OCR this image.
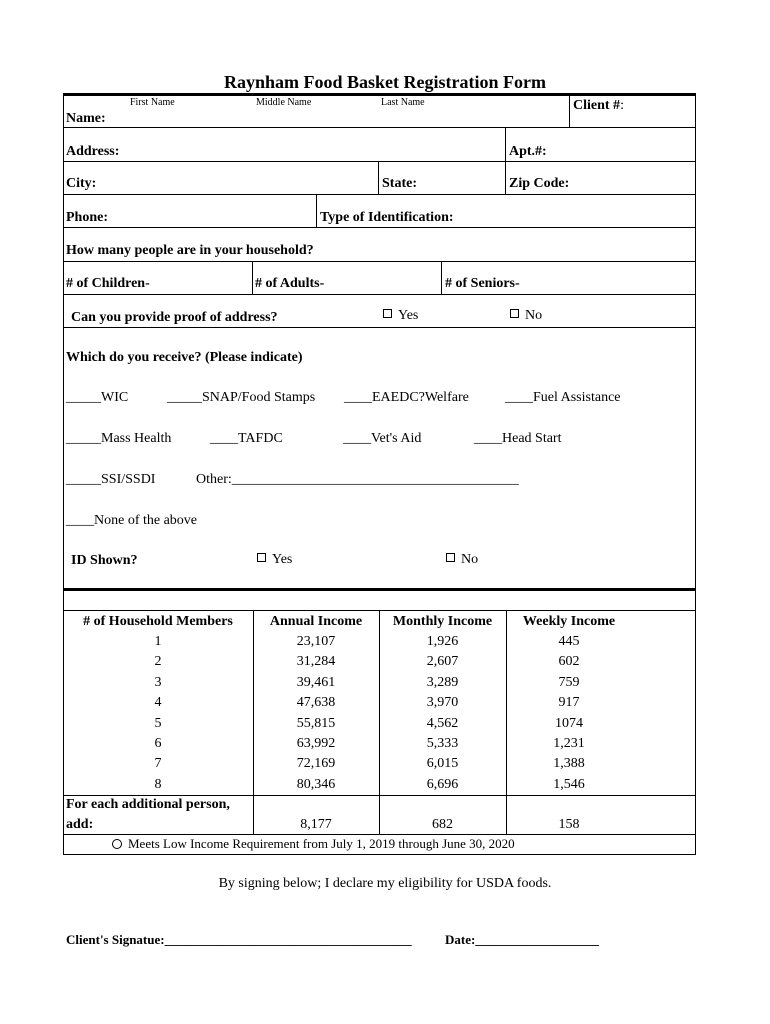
Raynham Food Basket Registration Form
First Name	Middle Name	Last Name
Name:
Client #:
Address:	Apt.#:
City:	State:	Zip Code:
Phone:	Type of Identification:
How many people are in your household?
# of Children-	# of Adults-	# of Seniors-
Can you provide proof of address?	Yes	No
Which do you receive? (Please indicate)
_____WIC	_____SNAP/Food Stamps ____EAEDC?Welfare	____Fuel Assistance
_____Mass Health	____TAFDC	____Vet's Aid	____Head Start
_____SSI/SSDI	Other:_________________________________________
____None of the above
ID Shown?	Yes	No
# of Household Members	Annual Income	Monthly Income	Weekly Income
1	23,107	1,926	445
2	31,284	2,607	602
3	39,461	3,289	759
4	47,638	3,970	917
5	55,815	4,562	1074
6	63,992	5,333	1,231
7	72,169	6,015	1,388
8	80,346	6,696	1,546
For each additional person,
add:	8,177	682	158
Meets Low Income Requirement from July 1, 2019 through June 30, 2020
By signing below; I declare my eligibility for USDA foods.
Client's Signatue:______________________________________	Date:___________________
